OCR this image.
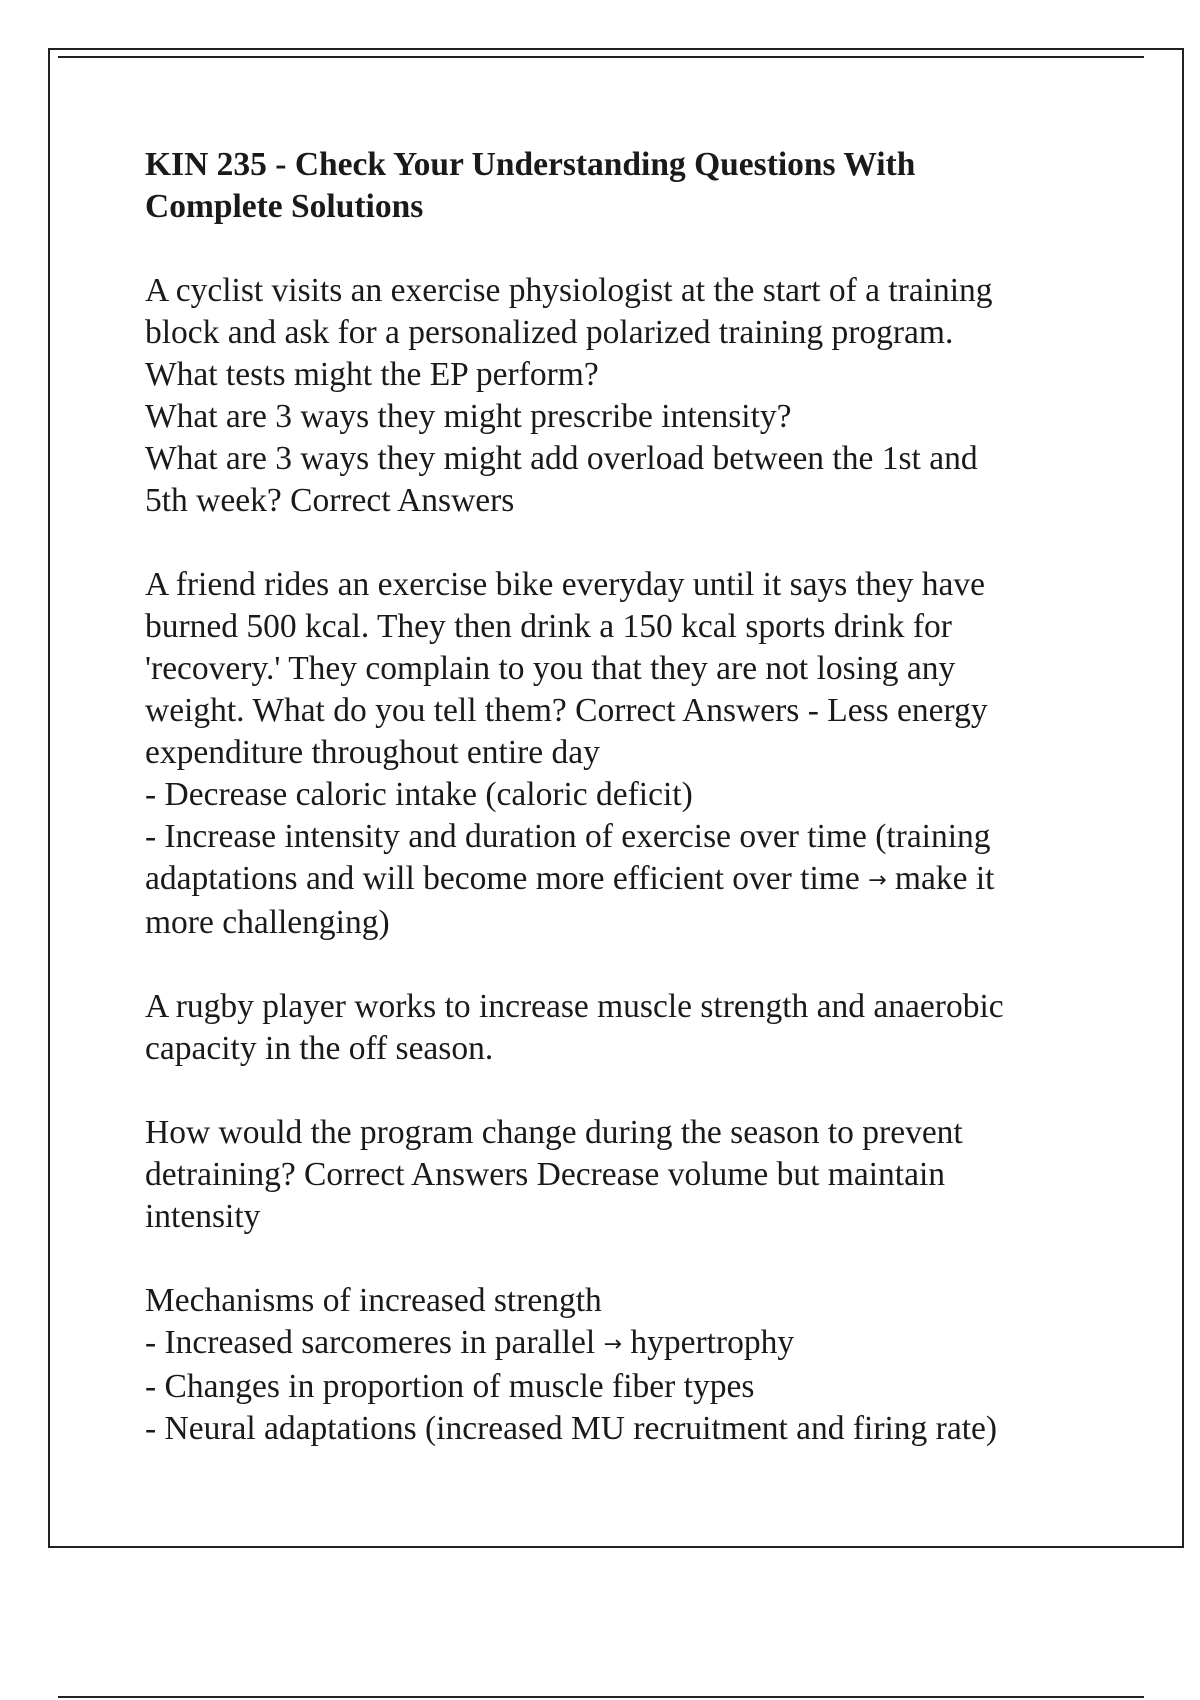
KIN 235 - Check Your Understanding Questions With
Complete Solutions

A cyclist visits an exercise physiologist at the start of a training
block and ask for a personalized polarized training program.
What tests might the EP perform?
What are 3 ways they might prescribe intensity?
What are 3 ways they might add overload between the 1st and
5th week? Correct Answers

A friend rides an exercise bike everyday until it says they have
burned 500 kcal. They then drink a 150 kcal sports drink for
'recovery.' They complain to you that they are not losing any
weight. What do you tell them? Correct Answers - Less energy
expenditure throughout entire day
- Decrease caloric intake (caloric deficit)
- Increase intensity and duration of exercise over time (training
adaptations and will become more efficient over time → make it
more challenging)

A rugby player works to increase muscle strength and anaerobic
capacity in the off season.

How would the program change during the season to prevent
detraining? Correct Answers Decrease volume but maintain
intensity

Mechanisms of increased strength
- Increased sarcomeres in parallel → hypertrophy
- Changes in proportion of muscle fiber types
- Neural adaptations (increased MU recruitment and firing rate)
